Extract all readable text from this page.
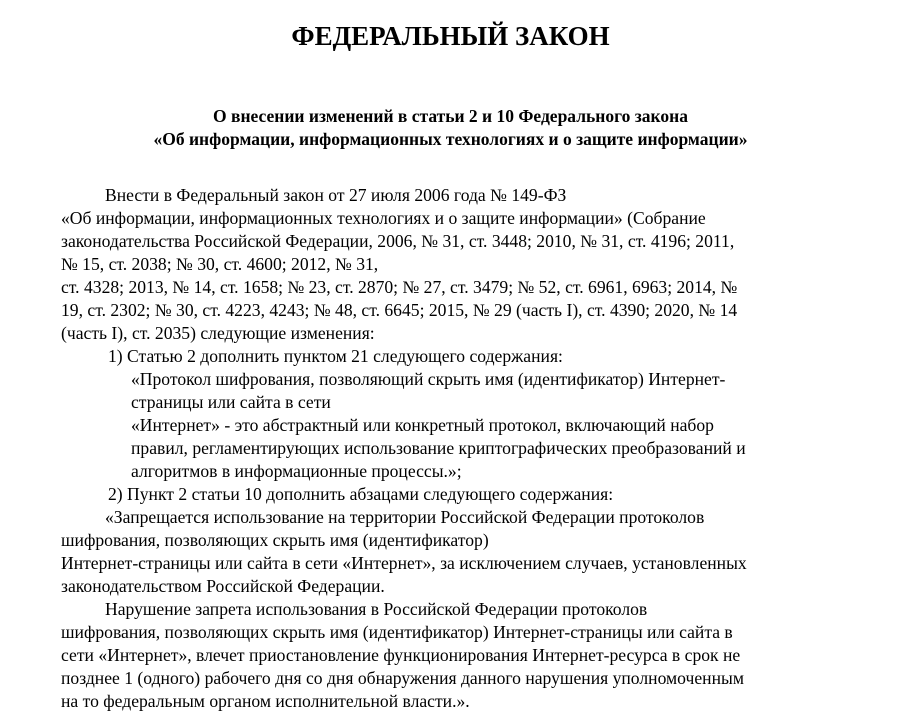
ФЕДЕРАЛЬНЫЙ ЗАКОН
О внесении изменений в статьи 2 и 10 Федерального закона
«Об информации, информационных технологиях и о защите информации»
Внести в Федеральный закон от 27 июля 2006 года № 149-ФЗ
«Об информации, информационных технологиях и о защите информации» (Собрание
законодательства Российской Федерации, 2006, № 31, ст. 3448; 2010, № 31, ст. 4196; 2011,
№ 15, ст. 2038; № 30, ст. 4600; 2012, № 31,
ст. 4328; 2013, № 14, ст. 1658; № 23, ст. 2870; № 27, ст. 3479; № 52, ст. 6961, 6963; 2014, №
19, ст. 2302; № 30, ст. 4223, 4243; № 48, ст. 6645; 2015, № 29 (часть I), ст. 4390; 2020, № 14
(часть I), ст. 2035) следующие изменения:
1) Статью 2 дополнить пунктом 21 следующего содержания:
«Протокол шифрования, позволяющий скрыть имя (идентификатор) Интернет-
страницы или сайта в сети
«Интернет» - это абстрактный или конкретный протокол, включающий набор
правил, регламентирующих использование криптографических преобразований и
алгоритмов в информационные процессы.»;
2) Пункт 2 статьи 10 дополнить абзацами следующего содержания:
«Запрещается использование на территории Российской Федерации протоколов
шифрования, позволяющих скрыть имя (идентификатор)
Интернет-страницы или сайта в сети «Интернет», за исключением случаев, установленных
законодательством Российской Федерации.
Нарушение запрета использования в Российской Федерации протоколов
шифрования, позволяющих скрыть имя (идентификатор) Интернет-страницы или сайта в
сети «Интернет», влечет приостановление функционирования Интернет-ресурса в срок не
позднее 1 (одного) рабочего дня со дня обнаружения данного нарушения уполномоченным
на то федеральным органом исполнительной власти.».
